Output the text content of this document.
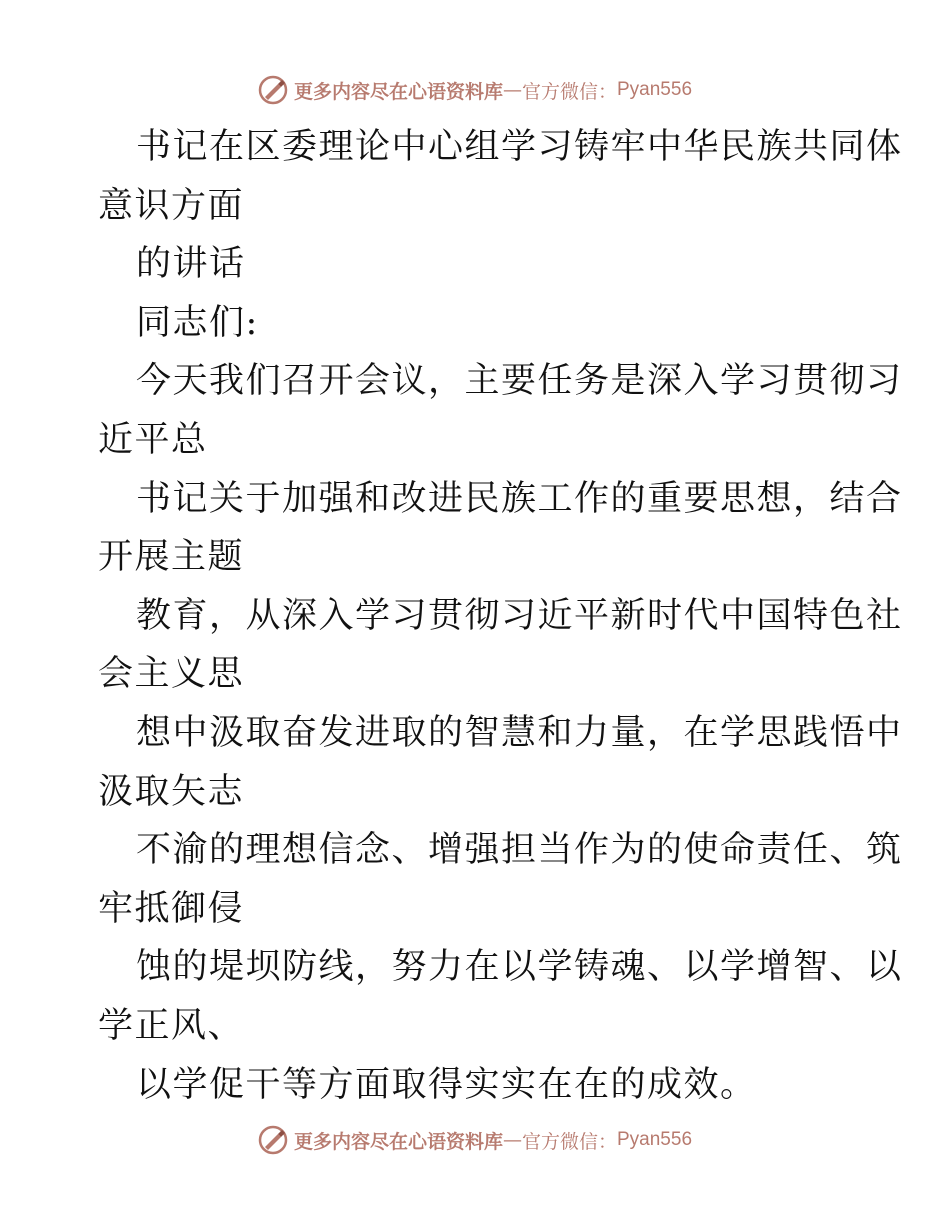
更多内容尽在心语资料库 — 官方微信： Pyan556
书记在区委理论中心组学习铸牢中华民族共同体
意识方面
的讲话
同志们:
今天我们召开会议，主要任务是深入学习贯彻习
近平总
书记关于加强和改进民族工作的重要思想，结合
开展主题
教育，从深入学习贯彻习近平新时代中国特色社
会主义思
想中汲取奋发进取的智慧和力量，在学思践悟中
汲取矢志
不渝的理想信念、增强担当作为的使命责任、筑
牢抵御侵
蚀的堤坝防线，努力在以学铸魂、以学增智、以
学正风、
以学促干等方面取得实实在在的成效。
更多内容尽在心语资料库 — 官方微信： Pyan556
